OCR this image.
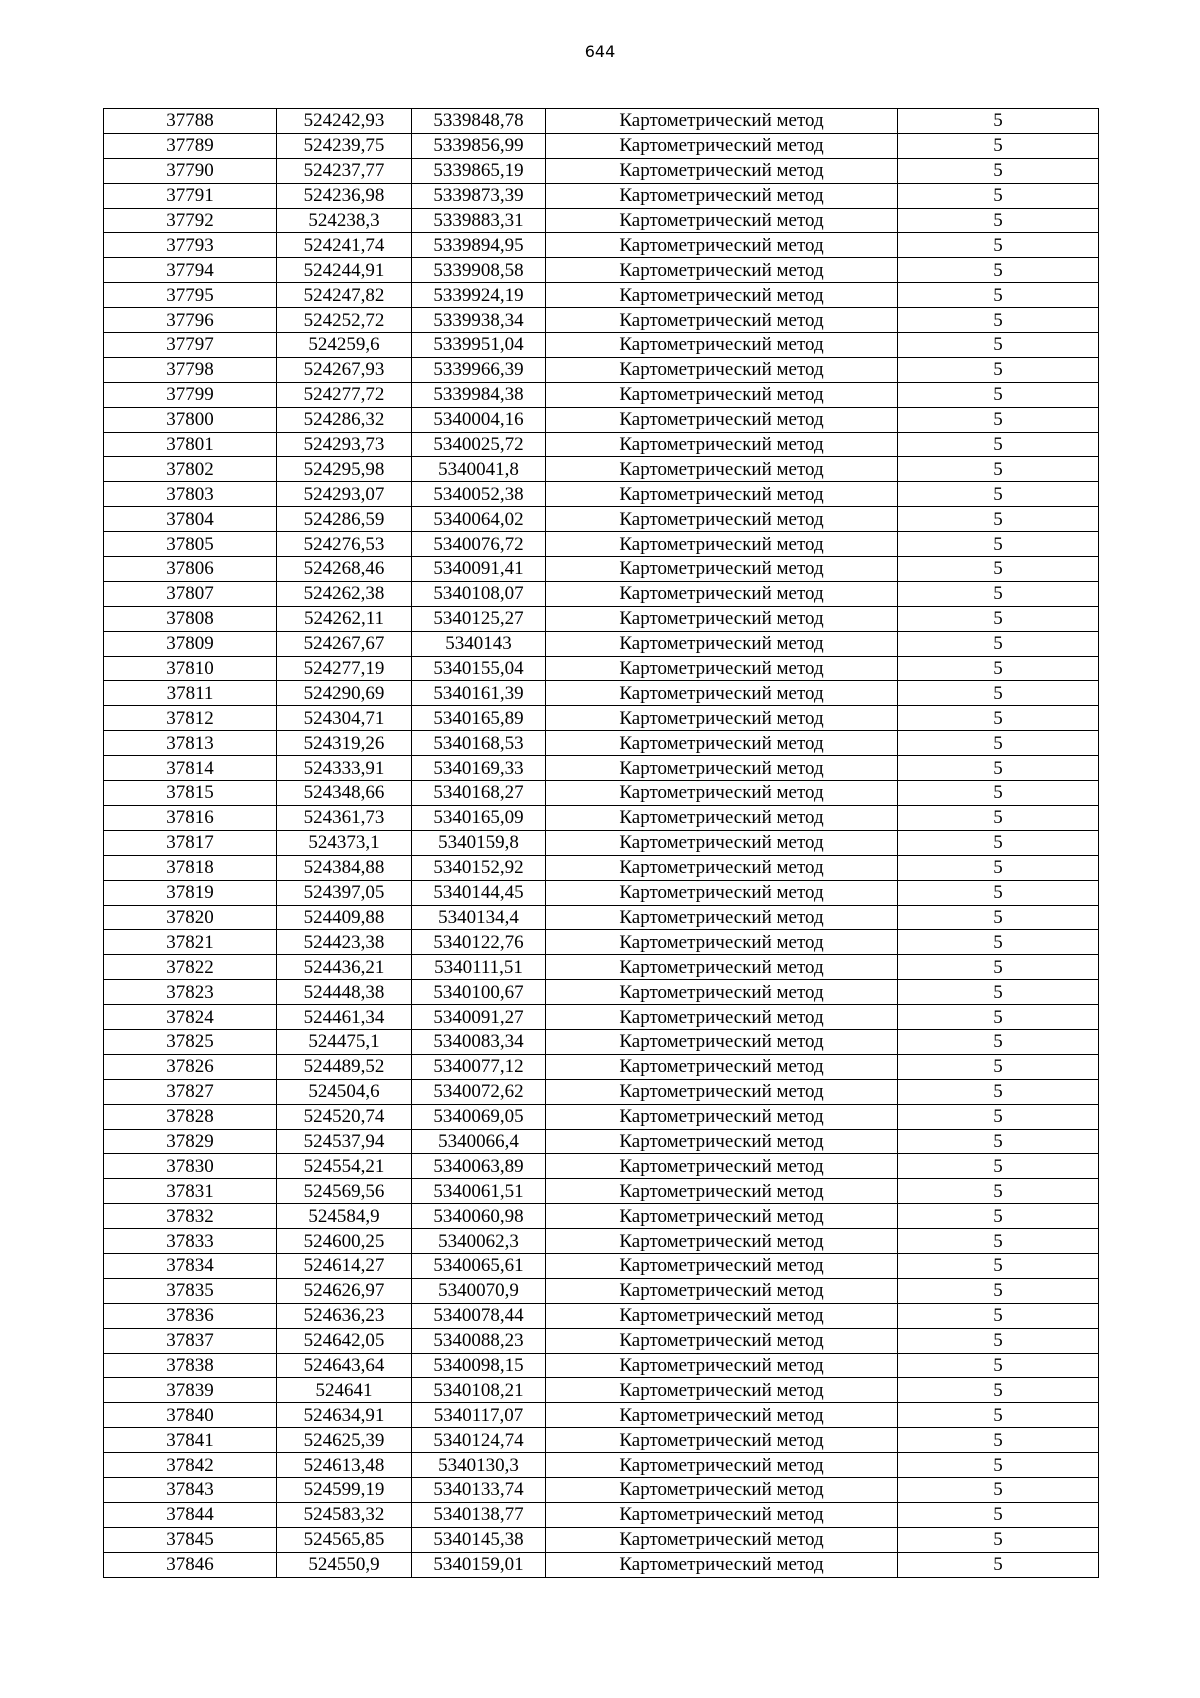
644
37788	524242,93	5339848,78	Картометрический метод	5
37789	524239,75	5339856,99	Картометрический метод	5
37790	524237,77	5339865,19	Картометрический метод	5
37791	524236,98	5339873,39	Картометрический метод	5
37792	524238,3	5339883,31	Картометрический метод	5
37793	524241,74	5339894,95	Картометрический метод	5
37794	524244,91	5339908,58	Картометрический метод	5
37795	524247,82	5339924,19	Картометрический метод	5
37796	524252,72	5339938,34	Картометрический метод	5
37797	524259,6	5339951,04	Картометрический метод	5
37798	524267,93	5339966,39	Картометрический метод	5
37799	524277,72	5339984,38	Картометрический метод	5
37800	524286,32	5340004,16	Картометрический метод	5
37801	524293,73	5340025,72	Картометрический метод	5
37802	524295,98	5340041,8	Картометрический метод	5
37803	524293,07	5340052,38	Картометрический метод	5
37804	524286,59	5340064,02	Картометрический метод	5
37805	524276,53	5340076,72	Картометрический метод	5
37806	524268,46	5340091,41	Картометрический метод	5
37807	524262,38	5340108,07	Картометрический метод	5
37808	524262,11	5340125,27	Картометрический метод	5
37809	524267,67	5340143	Картометрический метод	5
37810	524277,19	5340155,04	Картометрический метод	5
37811	524290,69	5340161,39	Картометрический метод	5
37812	524304,71	5340165,89	Картометрический метод	5
37813	524319,26	5340168,53	Картометрический метод	5
37814	524333,91	5340169,33	Картометрический метод	5
37815	524348,66	5340168,27	Картометрический метод	5
37816	524361,73	5340165,09	Картометрический метод	5
37817	524373,1	5340159,8	Картометрический метод	5
37818	524384,88	5340152,92	Картометрический метод	5
37819	524397,05	5340144,45	Картометрический метод	5
37820	524409,88	5340134,4	Картометрический метод	5
37821	524423,38	5340122,76	Картометрический метод	5
37822	524436,21	5340111,51	Картометрический метод	5
37823	524448,38	5340100,67	Картометрический метод	5
37824	524461,34	5340091,27	Картометрический метод	5
37825	524475,1	5340083,34	Картометрический метод	5
37826	524489,52	5340077,12	Картометрический метод	5
37827	524504,6	5340072,62	Картометрический метод	5
37828	524520,74	5340069,05	Картометрический метод	5
37829	524537,94	5340066,4	Картометрический метод	5
37830	524554,21	5340063,89	Картометрический метод	5
37831	524569,56	5340061,51	Картометрический метод	5
37832	524584,9	5340060,98	Картометрический метод	5
37833	524600,25	5340062,3	Картометрический метод	5
37834	524614,27	5340065,61	Картометрический метод	5
37835	524626,97	5340070,9	Картометрический метод	5
37836	524636,23	5340078,44	Картометрический метод	5
37837	524642,05	5340088,23	Картометрический метод	5
37838	524643,64	5340098,15	Картометрический метод	5
37839	524641	5340108,21	Картометрический метод	5
37840	524634,91	5340117,07	Картометрический метод	5
37841	524625,39	5340124,74	Картометрический метод	5
37842	524613,48	5340130,3	Картометрический метод	5
37843	524599,19	5340133,74	Картометрический метод	5
37844	524583,32	5340138,77	Картометрический метод	5
37845	524565,85	5340145,38	Картометрический метод	5
37846	524550,9	5340159,01	Картометрический метод	5
